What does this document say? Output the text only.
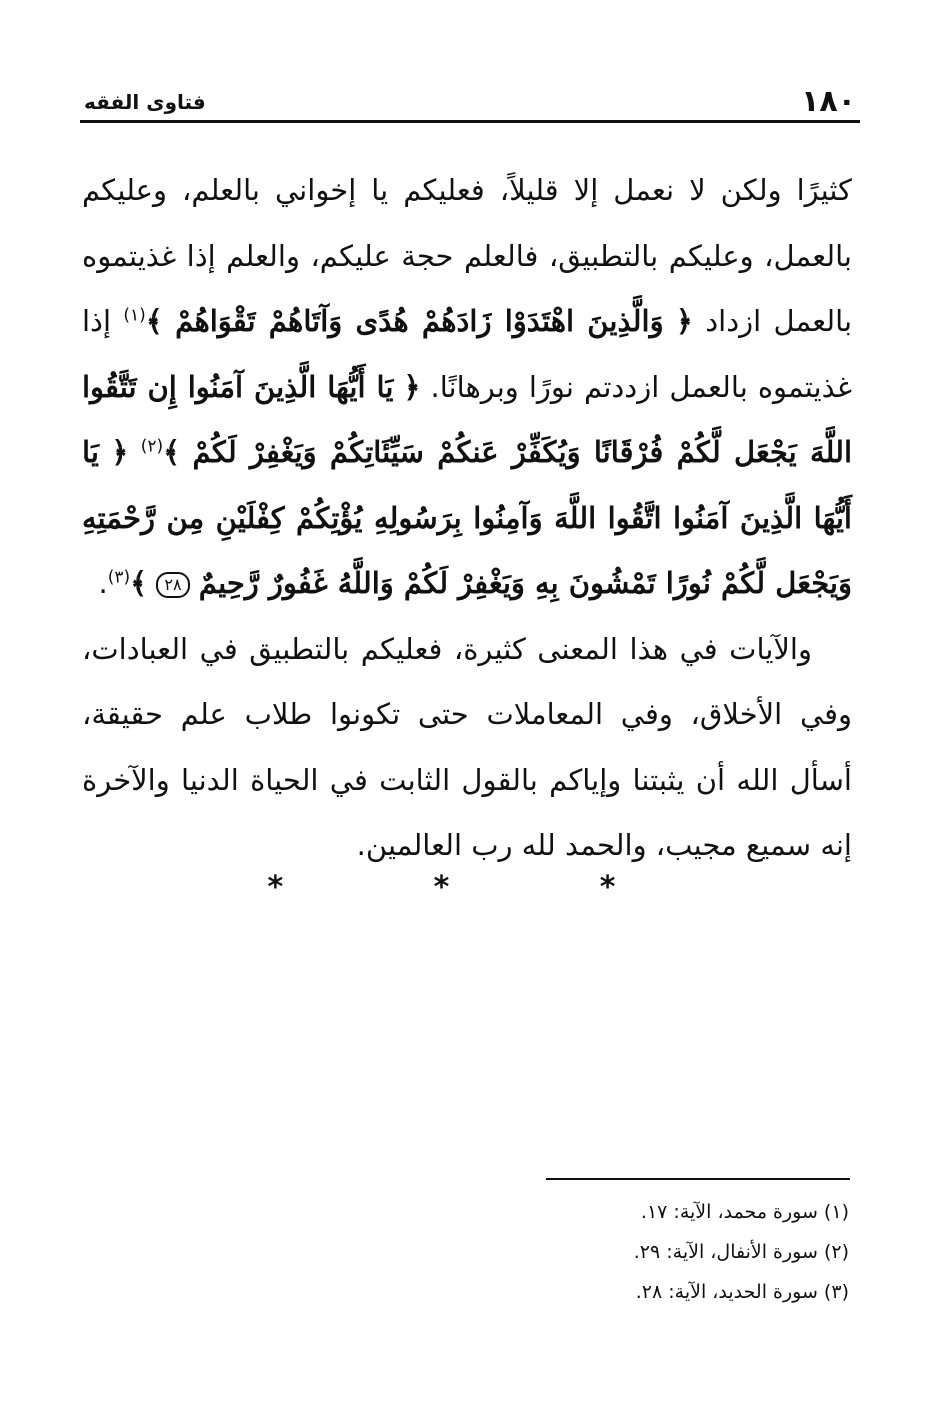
١٨٠
فتاوى الفقه

كثيرًا ولكن لا نعمل إلا قليلاً، فعليكم يا إخواني بالعلم، وعليكم بالعمل، وعليكم بالتطبيق، فالعلم حجة عليكم، والعلم إذا غذيتموه بالعمل ازداد ﴿ وَالَّذِينَ اهْتَدَوْا زَادَهُمْ هُدًى وَآتَاهُمْ تَقْوَاهُمْ ﴾$^{(١)}$ إذا غذيتموه بالعمل ازددتم نورًا وبرهانًا. ﴿ يَا أَيُّهَا الَّذِينَ آمَنُوا إِن تَتَّقُوا اللَّهَ يَجْعَل لَّكُمْ فُرْقَانًا وَيُكَفِّرْ عَنكُمْ سَيِّئَاتِكُمْ وَيَغْفِرْ لَكُمْ ﴾$^{(٢)}$ ﴿ يَا أَيُّهَا الَّذِينَ آمَنُوا اتَّقُوا اللَّهَ وَآمِنُوا بِرَسُولِهِ يُؤْتِكُمْ كِفْلَيْنِ مِن رَّحْمَتِهِ وَيَجْعَل لَّكُمْ نُورًا تَمْشُونَ بِهِ وَيَغْفِرْ لَكُمْ وَاللَّهُ غَفُورٌ رَّحِيمٌ ٢٨ ﴾$^{(٣)}$.

والآيات في هذا المعنى كثيرة، فعليكم بالتطبيق في العبادات، وفي الأخلاق، وفي المعاملات حتى تكونوا طلاب علم حقيقة، أسأل الله أن يثبتنا وإياكم بالقول الثابت في الحياة الدنيا والآخرة إنه سميع مجيب، والحمد لله رب العالمين.

*	*	*
(١) سورة محمد، الآية: ١٧.
(٢) سورة الأنفال، الآية: ٢٩.
(٣) سورة الحديد، الآية: ٢٨.
